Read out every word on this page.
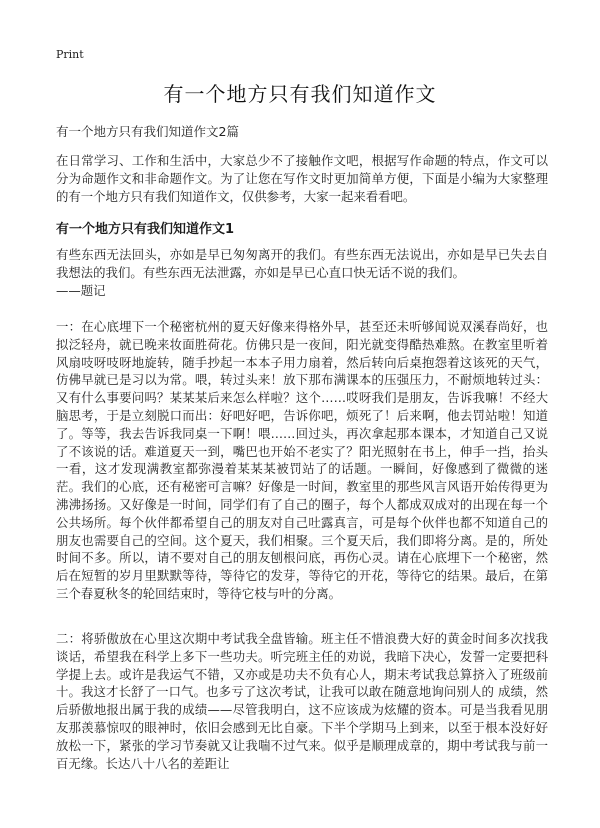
Print
有一个地方只有我们知道作文
有一个地方只有我们知道作文2篇

在日常学习、工作和生活中，大家总少不了接触作文吧，根据写作命题的特点，作文可以分为命题作文和非命题作文。为了让您在写作文时更加简单方便，下面是小编为大家整理的有一个地方只有我们知道作文，仅供参考，大家一起来看看吧。

有一个地方只有我们知道作文1

有些东西无法回头，亦如是早已匆匆离开的我们。有些东西无法说出，亦如是早已失去自我想法的我们。有些东西无法泄露，亦如是早已心直口快无话不说的我们。
——题记

一：在心底埋下一个秘密杭州的夏天好像来得格外早，甚至还未听够闻说双溪春尚好，也拟泛轻舟，就已晚来妆面胜荷花。仿佛只是一夜间，阳光就变得酷热难熬。在教室里听着风扇吱呀吱呀地旋转，随手抄起一本本子用力扇着，然后转向后桌抱怨着这该死的天气，仿佛早就已是习以为常。喂，转过头来！放下那布满课本的压强压力，不耐烦地转过头：又有什么事要问吗？某某某后来怎么样啦？这个……哎呀我们是朋友，告诉我嘛！不经大脑思考，于是立刻脱口而出：好吧好吧，告诉你吧，烦死了！后来啊，他去罚站啦！知道了。等等，我去告诉我同桌一下啊！喂……回过头，再次拿起那本课本，才知道自己又说了不该说的话。难道夏天一到，嘴巴也开始不老实了？阳光照射在书上，伸手一挡，抬头一看，这才发现满教室都弥漫着某某某被罚站了的话题。一瞬间，好像感到了微微的迷茫。我们的心底，还有秘密可言嘛？好像是一时间，教室里的那些风言风语开始传得更为沸沸扬扬。又好像是一时间，同学们有了自己的圈子，每个人都成双成对的出现在每一个公共场所。每个伙伴都希望自己的朋友对自己吐露真言，可是每个伙伴也都不知道自己的朋友也需要自己的空间。这个夏天，我们相聚。三个夏天后，我们即将分离。是的，所处时间不多。所以，请不要对自己的朋友刨根问底，再伤心灵。请在心底埋下一个秘密，然后在短暂的岁月里默默等待，等待它的发芽，等待它的开花，等待它的结果。最后，在第三个春夏秋冬的轮回结束时，等待它枝与叶的分离。

二：将骄傲放在心里这次期中考试我全盘皆输。班主任不惜浪费大好的黄金时间多次找我谈话，希望我在科学上多下一些功夫。听完班主任的劝说，我暗下决心，发誓一定要把科学提上去。或许是我运气不错，又亦或是功夫不负有心人，期末考试我总算挤入了班级前十。我这才长舒了一口气。也多亏了这次考试，让我可以敢在随意地询问别人的 成绩，然后骄傲地报出属于我的成绩——尽管我明白，这不应该成为炫耀的资本。可是当我看见朋友那羡慕惊叹的眼神时，依旧会感到无比自豪。下半个学期马上到来，以至于根本没好好放松一下，紧张的学习节奏就又让我喘不过气来。似乎是顺理成章的，期中考试我与前一百无缘。长达八十八名的差距让
